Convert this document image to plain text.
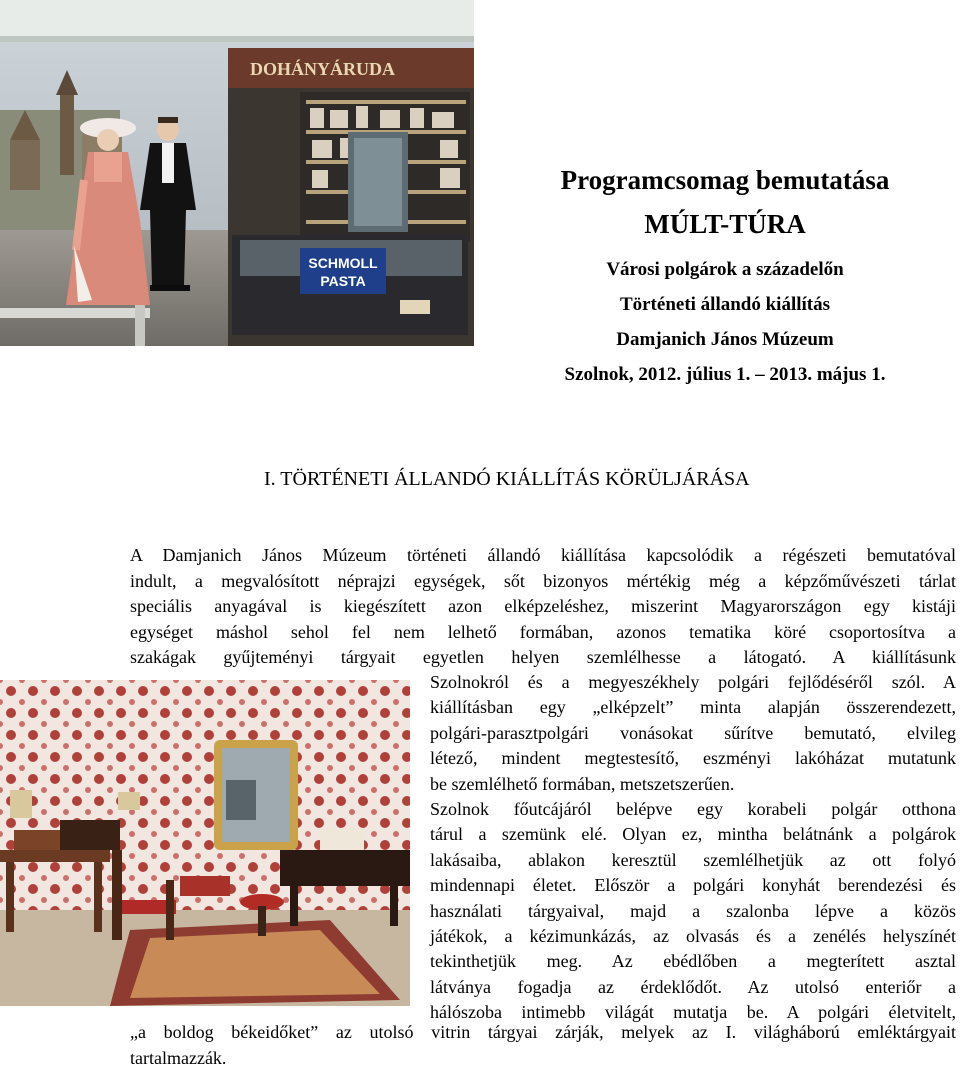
DOHÁNYÁRUDA
SCHMOLL
PASTA
Programcsomag bemutatása
MÚLT-TÚRA
Városi polgárok a századelőn
Történeti állandó kiállítás
Damjanich János Múzeum
Szolnok, 2012. július 1. – 2013. május 1.
I. TÖRTÉNETI ÁLLANDÓ KIÁLLÍTÁS KÖRÜLJÁRÁSA
A Damjanich János Múzeum történeti állandó kiállítása kapcsolódik a régészeti bemutatóval
indult, a megvalósított néprajzi egységek, sőt bizonyos mértékig még a képzőművészeti tárlat
speciális anyagával is kiegészített azon elképzeléshez, miszerint Magyarországon egy kistáji
egységet máshol sehol fel nem lelhető formában, azonos tematika köré csoportosítva a
szakágak gyűjteményi tárgyait egyetlen helyen szemlélhesse a látogató. A kiállításunk
Szolnokról és a megyeszékhely polgári fejlődéséről szól. A
kiállításban egy „elképzelt” minta alapján összerendezett,
polgári-parasztpolgári vonásokat sűrítve bemutató, elvileg
létező, mindent megtestesítő, eszményi lakóházat mutatunk
be szemlélhető formában, metszetszerűen.
Szolnok főutcájáról belépve egy korabeli polgár otthona
tárul a szemünk elé. Olyan ez, mintha belátnánk a polgárok
lakásaiba, ablakon keresztül szemlélhetjük az ott folyó
mindennapi életet. Először a polgári konyhát berendezési és
használati tárgyaival, majd a szalonba lépve a közös
játékok, a kézimunkázás, az olvasás és a zenélés helyszínét
tekinthetjük meg. Az ebédlőben a megterített asztal
látványa fogadja az érdeklődőt. Az utolsó enteriőr a
hálószoba intimebb világát mutatja be. A polgári életvitelt,
„a boldog békeidőket” az utolsó vitrin tárgyai zárják, melyek az I. világháború emléktárgyait
tartalmazzák.
